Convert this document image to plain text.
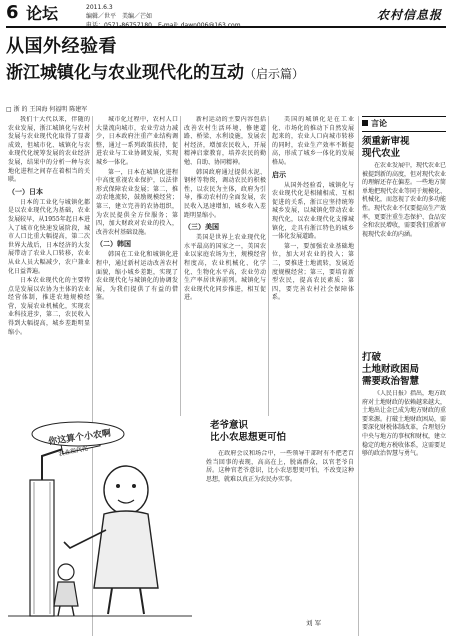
6 论坛	2011.6.3
编辑／世平　美编／芒如	农村信息报
从国外经验看
浙江城镇化与农业现代化的互动（启示篇）
□ 浙 的 王国海 何福明 陈建军

我们十大代以来，伴随的农业发展，浙江城镇化与农村发展与农业现代化取得了显著成效，但城市化、城镇化与农业现代化统筹发展的农业经济发展，结果中的分析一种与农地化进程之间存在着相当的关联。

（一）日本

日本的工业化与城镇化都是以农业现代化为基础，农业发展较早，从1955年起日本进入了城市化快速发展阶段，城市人口比重大幅提高，第二次世界大战后，日本经济的大发展带动了农业人口转移，农业从业人员大幅减少，农户兼业化日益普遍。

日本农业现代化的主要特点是发展以农协为主体的农业经营体制，推进农地规模经营，发展农业机械化，实现农业科技进步，第二，农民收入得到大幅提高，城乡差距明显缩小。

城市化过程中，农村人口大量流向城市，农业劳动力减少，日本政府注重产业结构调整，通过一系列政策扶持，促进农业与工业协调发展，实现城乡一体化。

第一，日本在城镇化进程中高度重视农业保护，以法律形式保障农业发展；第二，推动农地流转，鼓励规模经营；第三，建立完善的农协组织，为农民提供全方位服务；第四，加大财政对农业的投入，改善农村基础设施。

（二）韩国

韩国在工业化和城镇化进程中，通过新村运动改善农村面貌，缩小城乡差距，实现了农业现代化与城镇化的协调发展，为我们提供了有益的借鉴。

新村运动的主要内容包括改善农村生活环境，修建道路、桥梁、水利设施，发展农村经济，增加农民收入，开展精神启蒙教育，培养农民的勤勉、自助、协同精神。

韩国政府通过提供水泥、钢材等物资，调动农民的积极性，以农民为主体，政府为引导，推动农村的全面发展，农民收入迅速增加，城乡收入差距明显缩小。

（三）美国

美国是世界上农业现代化水平最高的国家之一，美国农业以家庭农场为主，规模经营程度高，农业机械化、化学化、生物化水平高，农业劳动生产率居世界前列。城镇化与农业现代化同步推进，相互促进。

美国的城镇化是在工业化、市场化的推动下自然发展起来的，农业人口向城市转移的同时，农业生产效率不断提高，形成了城乡一体化的发展格局。

启示

从国外经验看，城镇化与农业现代化是相辅相成、互相促进的关系，浙江应坚持统筹城乡发展，以城镇化带动农业现代化，以农业现代化支撑城镇化，走具有浙江特色的城乡一体化发展道路。

第一，要加强农业基础地位，加大对农业的投入；第二，要推进土地流转，发展适度规模经营；第三，要培育新型农民，提高农民素质；第四，要完善农村社会保障体系。

你这算个小农啊
农业现代化
老爷意识
比小农思想更可怕

在政府会议和场合中，一些领导干部时有不把老百姓当回事的表现，高高在上，脱离群众，以官老爷自居。这种官老爷意识，比小农思想更可怕，不改变这种思想，就难以真正为农民办实事。

刘 军
言论
须重新审视
现代农业

在农业发展中，现代农业已被提到新的高度，但对现代农业的理解还存在偏差。一些地方简单地把现代农业等同于规模化、机械化，而忽视了农业的多功能性。现代农业不仅要提高生产效率，更要注重生态保护、食品安全和农民增收，需要我们重新审视现代农业的内涵。

打破
土地财政困局
需要政治智慧

《人民日报》指出，地方政府对土地财政的依赖越来越大，土地出让金已成为地方财政的重要来源。打破土地财政困局，需要深化财税体制改革，合理划分中央与地方的事权和财权，建立稳定的地方税收体系，这需要足够的政治智慧与勇气。
